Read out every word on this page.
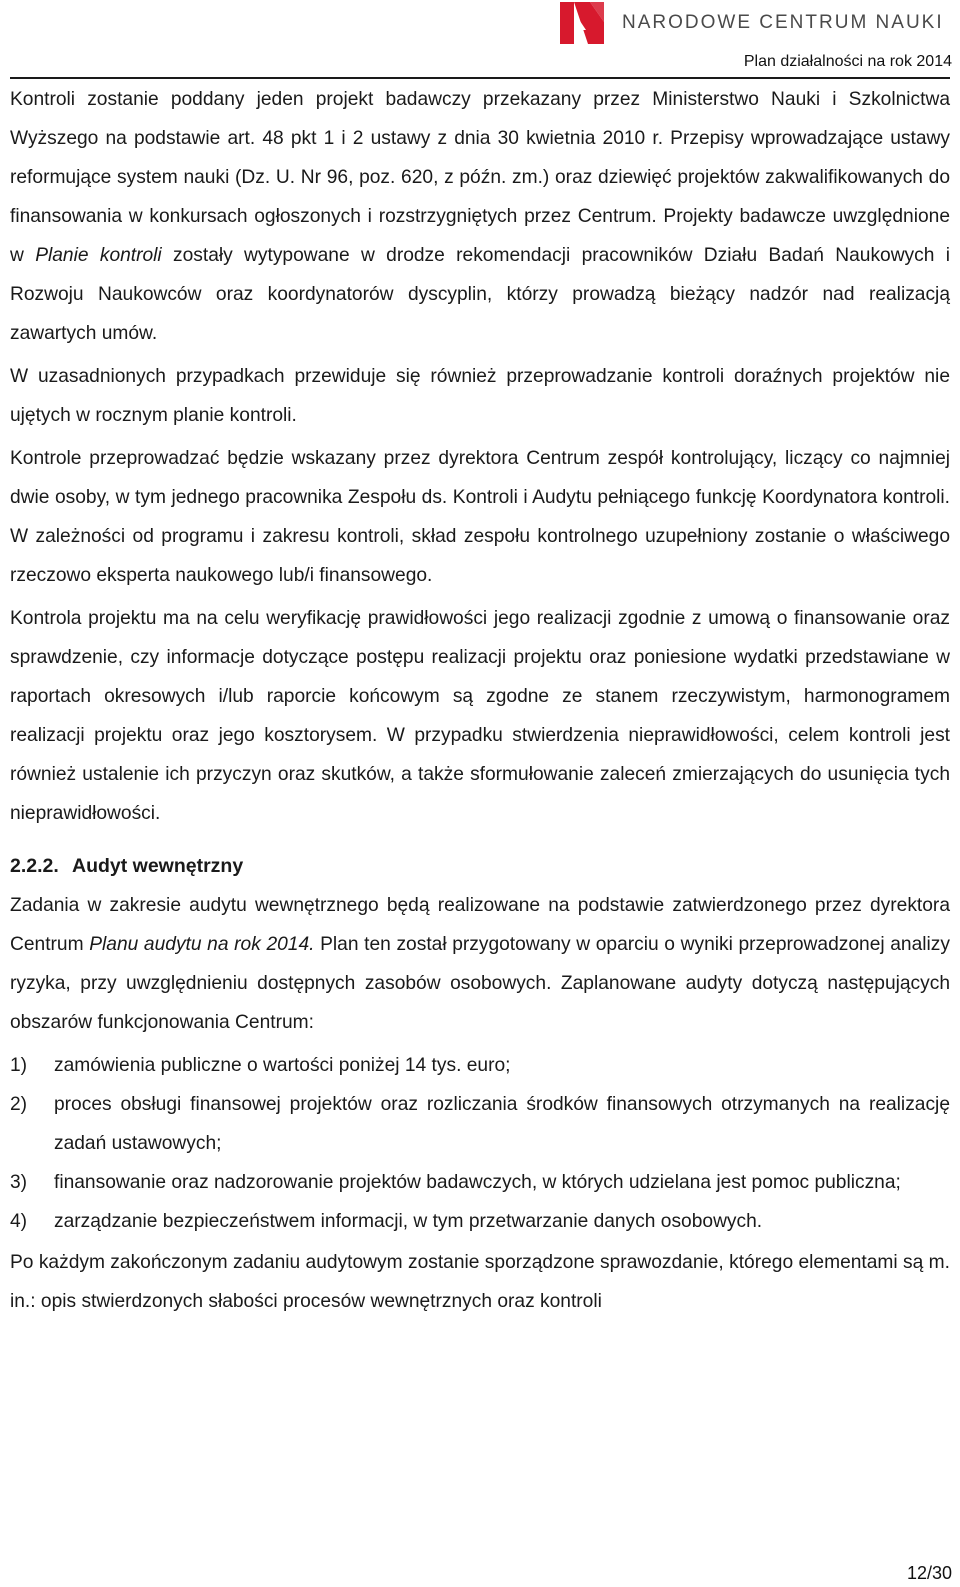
NARODOWE CENTRUM NAUKI
Plan działalności na rok 2014

Kontroli zostanie poddany jeden projekt badawczy przekazany przez Ministerstwo Nauki i Szkolnictwa Wyższego na podstawie art. 48 pkt 1 i 2 ustawy z dnia 30 kwietnia 2010 r. Przepisy wprowadzające ustawy reformujące system nauki (Dz. U. Nr 96, poz. 620, z późn. zm.) oraz dziewięć projektów zakwalifikowanych do finansowania w konkursach ogłoszonych i rozstrzygniętych przez Centrum. Projekty badawcze uwzględnione w Planie kontroli zostały wytypowane w drodze rekomendacji pracowników Działu Badań Naukowych i Rozwoju Naukowców oraz koordynatorów dyscyplin, którzy prowadzą bieżący nadzór nad realizacją zawartych umów.

W uzasadnionych przypadkach przewiduje się również przeprowadzanie kontroli doraźnych projektów nie ujętych w rocznym planie kontroli.

Kontrole przeprowadzać będzie wskazany przez dyrektora Centrum zespół kontrolujący, liczący co najmniej dwie osoby, w tym jednego pracownika Zespołu ds. Kontroli i Audytu pełniącego funkcję Koordynatora kontroli. W zależności od programu i zakresu kontroli, skład zespołu kontrolnego uzupełniony zostanie o właściwego rzeczowo eksperta naukowego lub/i finansowego.

Kontrola projektu ma na celu weryfikację prawidłowości jego realizacji zgodnie z umową o finansowanie oraz sprawdzenie, czy informacje dotyczące postępu realizacji projektu oraz poniesione wydatki przedstawiane w raportach okresowych i/lub raporcie końcowym są zgodne ze stanem rzeczywistym, harmonogramem realizacji projektu oraz jego kosztorysem. W przypadku stwierdzenia nieprawidłowości, celem kontroli jest również ustalenie ich przyczyn oraz skutków, a także sformułowanie zaleceń zmierzających do usunięcia tych nieprawidłowości.

2.2.2. Audyt wewnętrzny

Zadania w zakresie audytu wewnętrznego będą realizowane na podstawie zatwierdzonego przez dyrektora Centrum Planu audytu na rok 2014. Plan ten został przygotowany w oparciu o wyniki przeprowadzonej analizy ryzyka, przy uwzględnieniu dostępnych zasobów osobowych. Zaplanowane audyty dotyczą następujących obszarów funkcjonowania Centrum:

1)	zamówienia publiczne o wartości poniżej 14 tys. euro;
2)	proces obsługi finansowej projektów oraz rozliczania środków finansowych otrzymanych na realizację zadań ustawowych;
3)	finansowanie oraz nadzorowanie projektów badawczych, w których udzielana jest pomoc publiczna;
4)	zarządzanie bezpieczeństwem informacji, w tym przetwarzanie danych osobowych.

Po każdym zakończonym zadaniu audytowym zostanie sporządzone sprawozdanie, którego elementami są m. in.: opis stwierdzonych słabości procesów wewnętrznych oraz kontroli

12/30
